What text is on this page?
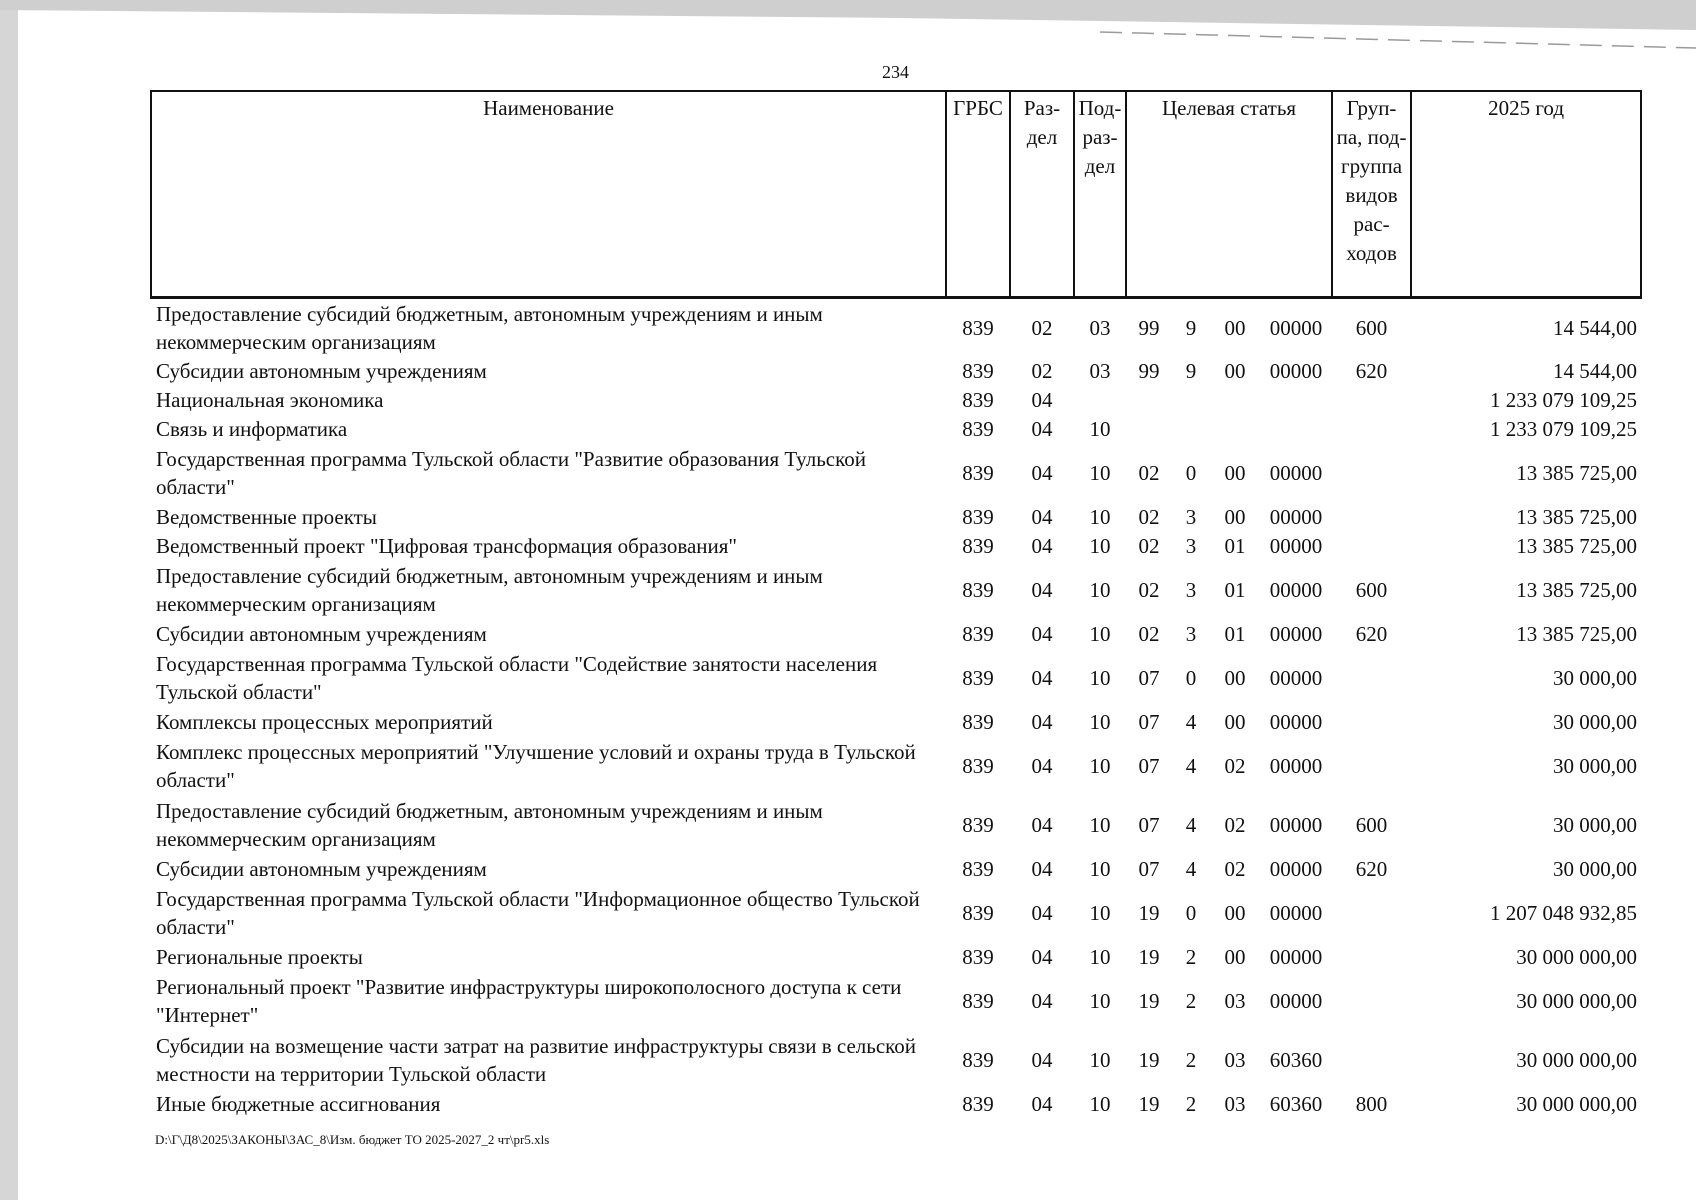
234
Наименование	ГРБС	Раз-дел	Под-раз-дел	Целевая статья				Груп-па, под-группа видов рас-ходов	2025 год
Предоставление субсидий бюджетным, автономным учреждениям и иным некоммерческим организациям	839	02	03	99	9	00	00000	600	14 544,00
Субсидии автономным учреждениям	839	02	03	99	9	00	00000	620	14 544,00
Национальная экономика	839	04							1 233 079 109,25
Связь и информатика	839	04	10						1 233 079 109,25
Государственная программа Тульской области "Развитие образования Тульской области"	839	04	10	02	0	00	00000		13 385 725,00
Ведомственные проекты	839	04	10	02	3	00	00000		13 385 725,00
Ведомственный проект "Цифровая трансформация образования"	839	04	10	02	3	01	00000		13 385 725,00
Предоставление субсидий бюджетным, автономным учреждениям и иным некоммерческим организациям	839	04	10	02	3	01	00000	600	13 385 725,00
Субсидии автономным учреждениям	839	04	10	02	3	01	00000	620	13 385 725,00
Государственная программа Тульской области "Содействие занятости населения Тульской области"	839	04	10	07	0	00	00000		30 000,00
Комплексы процессных мероприятий	839	04	10	07	4	00	00000		30 000,00
Комплекс процессных мероприятий "Улучшение условий и охраны труда в Тульской области"	839	04	10	07	4	02	00000		30 000,00
Предоставление субсидий бюджетным, автономным учреждениям и иным некоммерческим организациям	839	04	10	07	4	02	00000	600	30 000,00
Субсидии автономным учреждениям	839	04	10	07	4	02	00000	620	30 000,00
Государственная программа Тульской области "Информационное общество Тульской области"	839	04	10	19	0	00	00000		1 207 048 932,85
Региональные проекты	839	04	10	19	2	00	00000		30 000 000,00
Региональный проект "Развитие инфраструктуры широкополосного доступа к сети "Интернет"	839	04	10	19	2	03	00000		30 000 000,00
Субсидии на возмещение части затрат на развитие инфраструктуры связи в сельской местности на территории Тульской области	839	04	10	19	2	03	60360		30 000 000,00
Иные бюджетные ассигнования	839	04	10	19	2	03	60360	800	30 000 000,00
D:\Г\Д8\2025\ЗАКОНЫ\ЗАС_8\Изм. бюджет ТО 2025-2027_2 чт\pr5.xls
